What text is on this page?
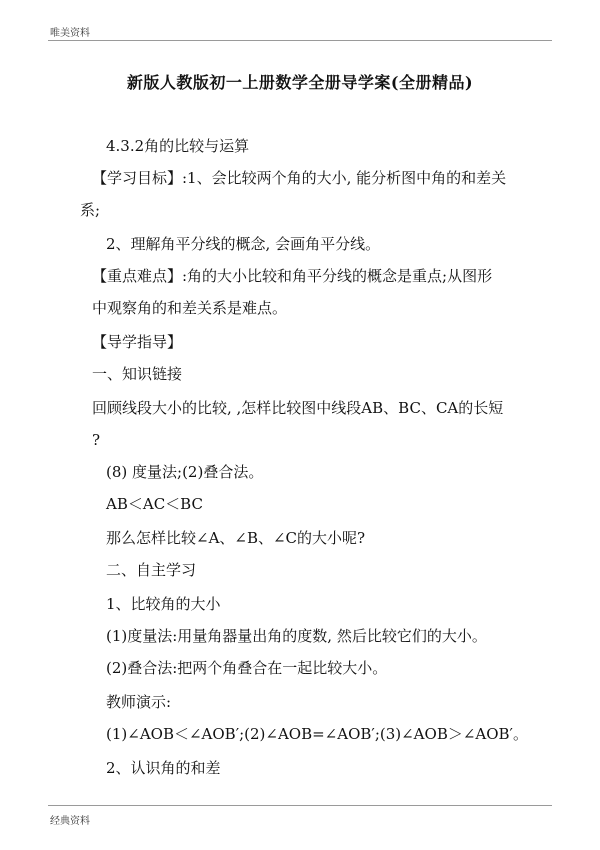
唯美资料
新版人教版初一上册数学全册导学案(全册精品)
4.3.2角的比较与运算
【学习目标】:1、会比较两个角的大小, 能分析图中角的和差关
系;
2、理解角平分线的概念, 会画角平分线。
【重点难点】:角的大小比较和角平分线的概念是重点;从图形
中观察角的和差关系是难点。
【导学指导】
一、知识链接
回顾线段大小的比较, ,怎样比较图中线段AB、BC、CA的长短
?
(8) 度量法;(2)叠合法。
AB＜AC＜BC
那么怎样比较∠A、∠B、∠C的大小呢?
二、自主学习
1、比较角的大小
(1)度量法:用量角器量出角的度数, 然后比较它们的大小。
(2)叠合法:把两个角叠合在一起比较大小。
教师演示:
(1)∠AOB＜∠AOB′;(2)∠AOB=∠AOB′;(3)∠AOB＞∠AOB′。
2、认识角的和差
经典资料
